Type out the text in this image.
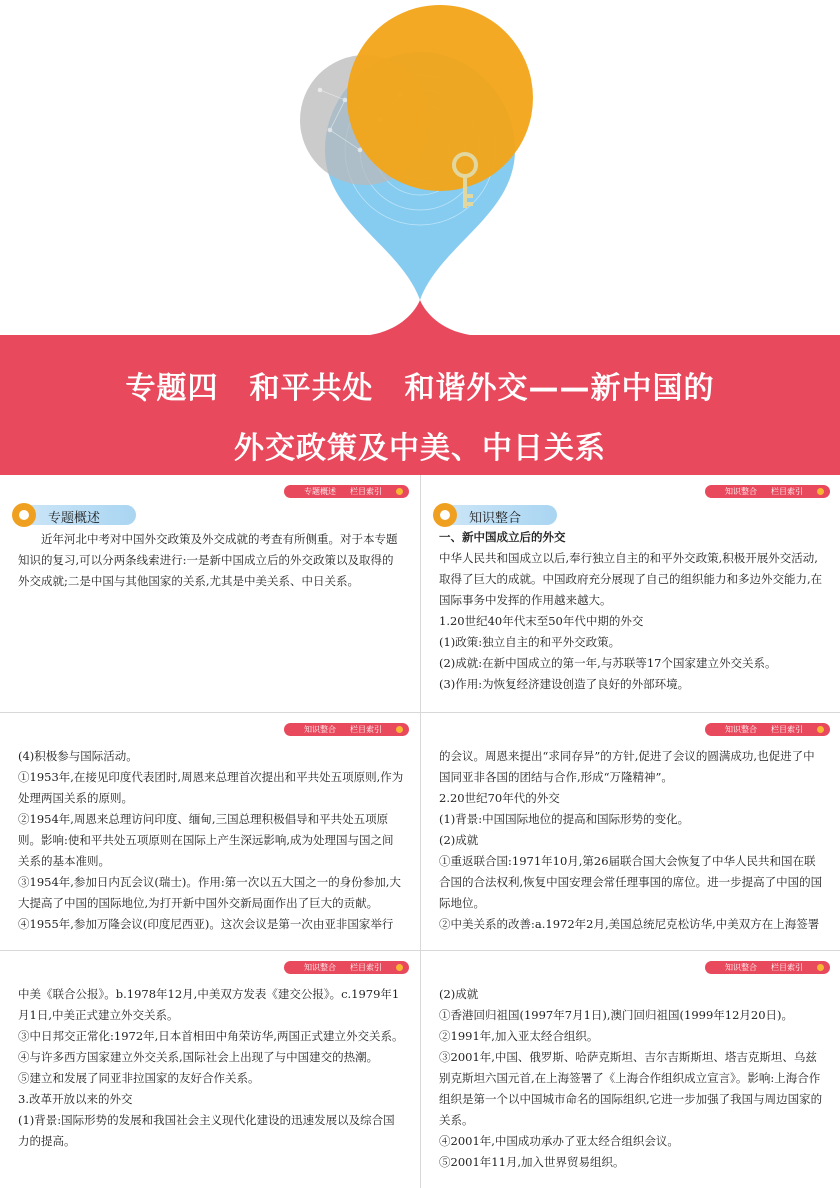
专题四　和平共处　和谐外交——新中国的
外交政策及中美、中日关系
专题概述 栏目索引
专题概述

近年河北中考对中国外交政策及外交成就的考查有所侧重。对于本专题知识的复习,可以分两条线索进行:一是新中国成立后的外交政策以及取得的外交成就;二是中国与其他国家的关系,尤其是中美关系、中日关系。

知识整合 栏目索引
知识整合

一、新中国成立后的外交

中华人民共和国成立以后,奉行独立自主的和平外交政策,积极开展外交活动,取得了巨大的成就。中国政府充分展现了自己的组织能力和多边外交能力,在国际事务中发挥的作用越来越大。

1.20世纪40年代末至50年代中期的外交

(1)政策:独立自主的和平外交政策。

(2)成就:在新中国成立的第一年,与苏联等17个国家建立外交关系。

(3)作用:为恢复经济建设创造了良好的外部环境。

知识整合 栏目索引

(4)积极参与国际活动。

①1953年,在接见印度代表团时,周恩来总理首次提出和平共处五项原则,作为处理两国关系的原则。

②1954年,周恩来总理访问印度、缅甸,三国总理积极倡导和平共处五项原则。影响:使和平共处五项原则在国际上产生深远影响,成为处理国与国之间关系的基本准则。

③1954年,参加日内瓦会议(瑞士)。作用:第一次以五大国之一的身份参加,大大提高了中国的国际地位,为打开新中国外交新局面作出了巨大的贡献。

④1955年,参加万隆会议(印度尼西亚)。这次会议是第一次由亚非国家举行

知识整合 栏目索引

的会议。周恩来提出“求同存异”的方针,促进了会议的圆满成功,也促进了中国同亚非各国的团结与合作,形成“万隆精神”。

2.20世纪70年代的外交

(1)背景:中国国际地位的提高和国际形势的变化。

(2)成就

①重返联合国:1971年10月,第26届联合国大会恢复了中华人民共和国在联合国的合法权利,恢复中国安理会常任理事国的席位。进一步提高了中国的国际地位。

②中美关系的改善:a.1972年2月,美国总统尼克松访华,中美双方在上海签署

知识整合 栏目索引

中美《联合公报》。b.1978年12月,中美双方发表《建交公报》。c.1979年1月1日,中美正式建立外交关系。

③中日邦交正常化:1972年,日本首相田中角荣访华,两国正式建立外交关系。

④与许多西方国家建立外交关系,国际社会上出现了与中国建交的热潮。

⑤建立和发展了同亚非拉国家的友好合作关系。

3.改革开放以来的外交

(1)背景:国际形势的发展和我国社会主义现代化建设的迅速发展以及综合国力的提高。

知识整合 栏目索引

(2)成就

①香港回归祖国(1997年7月1日),澳门回归祖国(1999年12月20日)。

②1991年,加入亚太经合组织。

③2001年,中国、俄罗斯、哈萨克斯坦、吉尔吉斯斯坦、塔吉克斯坦、乌兹别克斯坦六国元首,在上海签署了《上海合作组织成立宣言》。影响:上海合作组织是第一个以中国城市命名的国际组织,它进一步加强了我国与周边国家的关系。

④2001年,中国成功承办了亚太经合组织会议。

⑤2001年11月,加入世界贸易组织。
